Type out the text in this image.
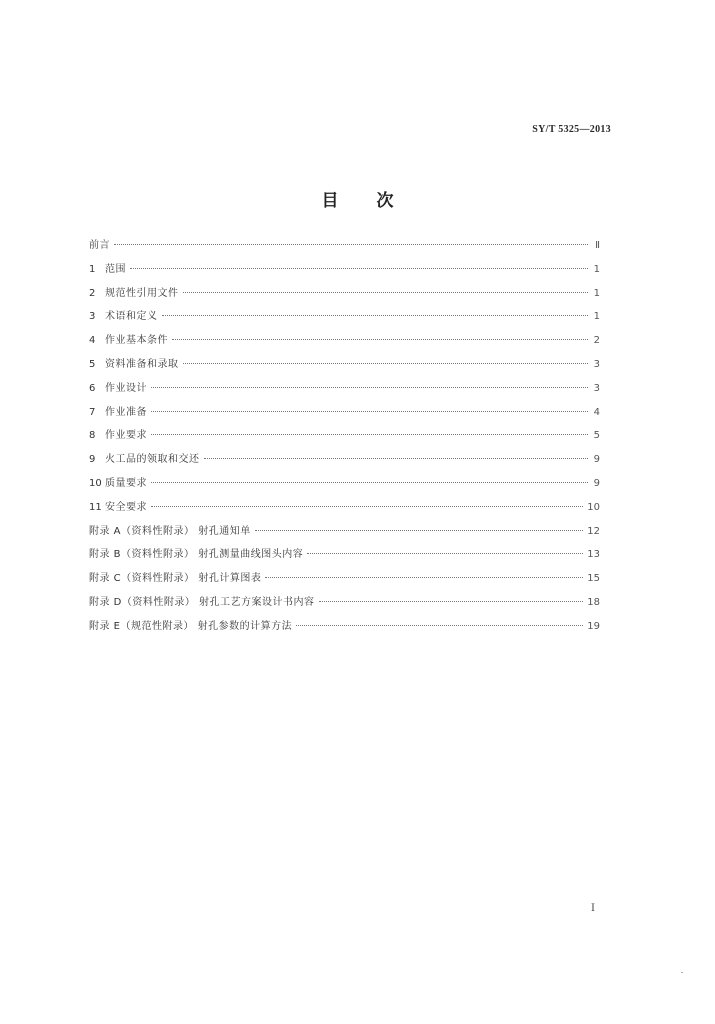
SY/T 5325—2013
目 次
前言	Ⅱ
1 范围	1
2 规范性引用文件	1
3 术语和定义	1
4 作业基本条件	2
5 资料准备和录取	3
6 作业设计	3
7 作业准备	4
8 作业要求	5
9 火工品的领取和交还	9
10 质量要求	9
11 安全要求	10
附录 A（资料性附录） 射孔通知单	12
附录 B（资料性附录） 射孔测量曲线图头内容	13
附录 C（资料性附录） 射孔计算图表	15
附录 D（资料性附录） 射孔工艺方案设计书内容	18
附录 E（规范性附录） 射孔参数的计算方法	19
I
